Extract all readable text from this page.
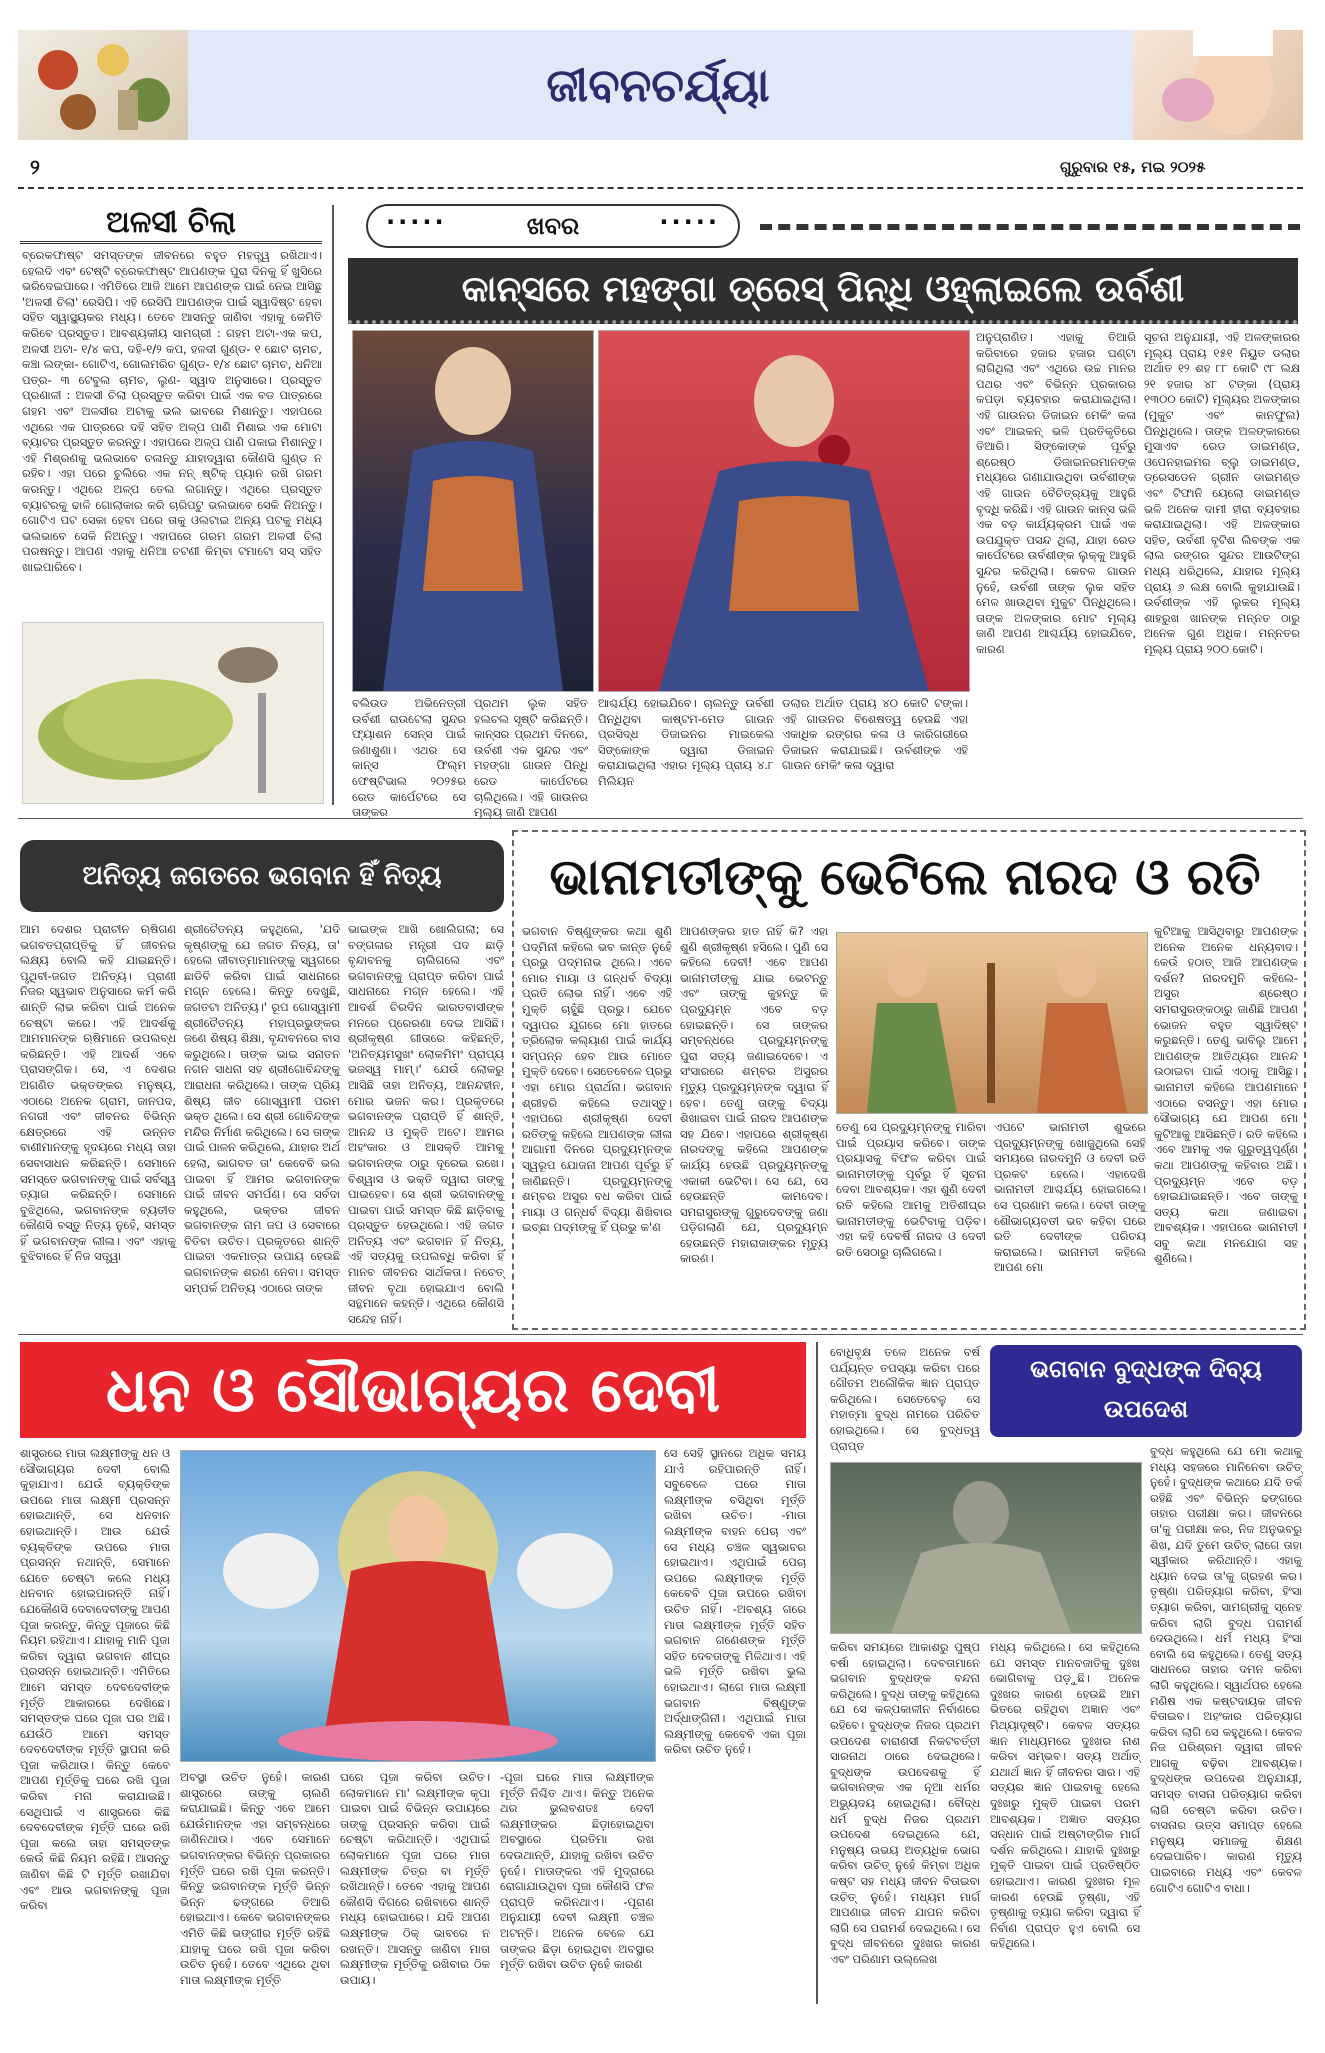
ଜୀବନଚର୍ଯ୍ୟା
୨	ଗୁରୁବାର ୧୫, ମଇ ୨୦୨୫
ଅଳସୀ ଚିଲା
ବ୍ରେକଫାଷ୍ଟ ସମସ୍ତଙ୍କ ଜୀବନରେ ବହୁତ ମହତ୍ତ୍ୱ ରଖିଥାଏ। ହେଲଦି ଏବଂ ଟେଷ୍ଟି ବ୍ରେକଫାଷ୍ଟ ଆପଣଙ୍କ ପୁରା ଦିନକୁ ହିଁ ଖୁସିରେ ଭରିଦେଇପାରେ। ଏମିତିରେ ଆଜି ଆମେ ଆପଣଙ୍କ ପାଇଁ ନେଇ ଆସିଛୁ 'ଅଳସୀ ଚିଲା' ରେସିପି। ଏହି ରେସିପି ଆପଣଙ୍କ ପାଇଁ ସ୍ୱାଦିଷ୍ଟ ହେବା ସହିତ ସ୍ୱାସ୍ଥ୍ୟକର ମଧ୍ୟ। ତେବେ ଆସନ୍ତୁ ଜାଣିବା ଏହାକୁ କେମିତି କରିବେ ପ୍ରସ୍ତୁତ। ଆବଶ୍ୟକୀୟ ସାମଗ୍ରୀ : ଗହମ ଅଟା-ଏକ କପ, ଅଳସୀ ଅଟା- ୧/୪ କପ, ଦହି-୧/୨ କପ, ହଳଦୀ ଗୁଣ୍ଡ- ୧ ଛୋଟ ଚାମଚ, କଞ୍ଚା ଲଙ୍କା- ଗୋଟିଏ, ଗୋଲମରିଚ ଗୁଣ୍ଡ- ୧/୪ ଛୋଟ ଚାମଚ, ଧନିଆ ପତ୍ର- ୩ ଟେବୁଲ ଚାମଚ, ଲୁଣ- ସ୍ୱାଦ ଅନୁସାରେ। ପ୍ରସ୍ତୁତ ପ୍ରଣାଳୀ : ଅଳସୀ ଚିଲା ପ୍ରସ୍ତୁତ କରିବା ପାଇଁ ଏକ ବଡ ପାତ୍ରରେ ଗହମ ଏବଂ ଅଳସୀର ଅଟାକୁ ଭଲ ଭାବରେ ମିଶାନ୍ତୁ। ଏହାପରେ ଏଥିରେ ଏକ ପାତ୍ରରେ ଦହି ସହିତ ଅଳ୍ପ ପାଣି ମିଶାଇ ଏକ ମୋଟା ବ୍ୟାଟର ପ୍ରସ୍ତୁତ କରନ୍ତୁ। ଏହାପରେ ଅଳ୍ପ ପାଣି ପକାଇ ମିଶାନ୍ତୁ। ଏହି ମିଶ୍ରଣକୁ ଭଲଭାବେ ଚଳାନ୍ତୁ ଯାହାଦ୍ୱାରା କୌଣସି ଗୁଣ୍ଡ ନ ରହିବ। ଏହା ପରେ ଚୁଲିରେ ଏକ ନନ୍ ଷ୍ଟିକ୍ ପ୍ୟାନ ରଖି ଗରମ କରନ୍ତୁ। ଏଥିରେ ଅଳ୍ପ ତେଲ ଲଗାନ୍ତୁ। ଏଥିରେ ପ୍ରସ୍ତୁତ ବ୍ୟାଟରକୁ ଢାଳି ଗୋଲାକାର କରି ଚାରିପଟୁ ଭଲଭାବେ ସେକି ନିଅନ୍ତୁ। ଗୋଟିଏ ପଟ ସେକା ହେବା ପରେ ତାକୁ ଓଲଟାଇ ଅନ୍ୟ ପଟକୁ ମଧ୍ୟ ଭଲଭାବେ ସେକି ନିଅନ୍ତୁ। ଏହାପରେ ଗରମ ଗରମ ଅଳସୀ ଚିଲା ପରଷନ୍ତୁ। ଆପଣ ଏହାକୁ ଧନିଆ ଚଟଣୀ କିମ୍ବା ଟମାଟୋ ସସ୍ ସହିତ ଖାଇପାରିବେ।
·····	ଖବର	·····
କାନ୍ସରେ ମହଙ୍ଗା ଡ୍ରେସ୍ ପିନ୍ଧି ଓହ୍ଲାଇଲେ ଉର୍ବଶୀ
ବଲିଉଡ ଅଭିନେତ୍ରୀ ଉର୍ବଶୀ ରାଉଟେଲା ସୁନ୍ଦର ଫ୍ୟାଶନ ସେନ୍ସ ପାଇଁ ଜଣାଶୁଣା। ଏଥର ସେ କାନ୍ସ ଫିଲ୍ମ ଫେଷ୍ଟିଭାଲ ୨୦୨୫ର ରେଡ କାର୍ପେଟରେ ସେ ତାଙ୍କର
ପ୍ରଥମ ଲୁକ ସହିତ ହଲଚଲ ସୃଷ୍ଟି କରିଛନ୍ତି। କାନ୍ସର ପ୍ରଥମ ଦିନରେ, ଉର୍ବଶୀ ଏକ ସୁନ୍ଦର ଏବଂ ମହଙ୍ଗା ଗାଉନ ପିନ୍ଧି ରେଡ କାର୍ପେଟରେ ଚାଲିଥିଲେ। ଏହି ଗାଉନର ମୂଲ୍ୟ ଜାଣି ଆପଣ
ଆଶ୍ଚର୍ଯ୍ୟ ହୋଇଯିବେ। ଚାଲନ୍ତୁ ଉର୍ବଶୀ ପିନ୍ଧିଥିବା କାଷ୍ଟମ-ମେଡ ଗାଉନ ପ୍ରସିଦ୍ଧ ଡିଜାଇନର ମାଇକେଲ ସିଙ୍କୋଙ୍କ ଦ୍ୱାରା ଡିଜାଇନ କରାଯାଇଥିଲା ଏହାର ମୂଲ୍ୟ ପ୍ରାୟ ୪.୮ ମିଲିୟନ
ଡଲାର ଅର୍ଥାତ ପ୍ରାୟ ୪୦ କୋଟି ଟଙ୍କା। ଏହି ଗାଉନର ବିଶେଷତ୍ୱ ହେଉଛି ଏହା ଏକାଧିକ ରଙ୍ଗର କଳା ଓ କାରିଗରୀରେ ଡିଜାଇନ କରାଯାଇଛି। ଉର୍ବଶୀଙ୍କ ଏହି ଗାଉନ ମେକିଂ କଳା ଦ୍ୱାରା
ଅନୁପ୍ରାଣିତ। ଏହାକୁ ତିଆରି କରିବାରେ ହଜାର ହଜାର ଘଣ୍ଟା ଲାଗିଥିଲା ଏବଂ ଏଥିରେ ଉଚ୍ଚ ମାନର ପଥର ଏବଂ ବିଭିନ୍ନ ପ୍ରକାରର କପଡ଼ା ବ୍ୟବହାର କରାଯାଇଥିଲା। ଏହି ଗାଉନର ଡିଜାଇନ ମେକିଂ କଳା ଏବଂ ଆଇକନ୍ ଭଳି ପ୍ରତିକୃତିରେ ତିଆରି। ସିଙ୍କୋଙ୍କ ପୂର୍ବରୁ ଶ୍ରେଷ୍ଠ ଡିଜାଇନରମାନଙ୍କ ମଧ୍ୟରେ ଗଣାଯାଉଥିବା ଉର୍ବଶୀଙ୍କ ଏହି ଗାଉନ ବୈଚିତ୍ର୍ୟକୁ ଆହୁରି ବୃଦ୍ଧି କରିଛି। ଏହି ଗାଉନ କାନ୍ସ ଭଳି ଏକ ବଡ଼ କାର୍ଯ୍ୟକ୍ରମ ପାଇଁ ଏକ ଉପଯୁକ୍ତ ପସନ୍ଦ ଥିଲା, ଯାହା ରେଡ କାର୍ପେଟରେ ଉର୍ବଶୀଙ୍କ ଲୁକ୍‌କୁ ଆହୁରି ସୁନ୍ଦର କରିଥିଲା। କେବଳ ଗାଉନ ନୁହେଁ, ଉର୍ବଶୀ ତାଙ୍କ ଲୁକ ସହିତ ମେଳ ଖାଉଥିବା ମୁକୁଟ ପିନ୍ଧିଥିଲେ। ତାଙ୍କ ଅଳଙ୍କାର ମୋଟ ମୂଲ୍ୟ ଜାଣି ଆପଣ ଆଶ୍ଚର୍ଯ୍ୟ ହୋଇଯିବେ, କାରଣ
ସୂଚନା ଅନୁଯାୟୀ, ଏହି ଅଳଙ୍କାରର ମୂଲ୍ୟ ପ୍ରାୟ ୧୫୧ ନିୟୁତ ଡଲାର ଅର୍ଥାତ ୧୨ ଶହ ୮୮ କୋଟି ୯୮ ଲକ୍ଷ ୨୧ ହଜାର ୪୮ ଟଙ୍କା (ପ୍ରାୟ ୧୩୦୦ କୋଟି) ମୂଲ୍ୟର ଅଳଙ୍କାର (ମୁକୁଟ ଏବଂ କାନଫୁଲ) ପିନ୍ଧିଥିଲେ। ତାଙ୍କ ଅଳଙ୍କାରରେ ମୁସାଏବ ରେଡ ଡାଇମଣ୍ଡ, ଓପେନହାଇମର ବ୍ଲୁ ଡାଇମଣ୍ଡ, ଡ୍ରେସଡେନ ଗ୍ରୀନ ଡାଇମଣ୍ଡ ଏବଂ ଟିଫାନି ୟେଲୋ ଡାଇମଣ୍ଡ ଭଳି ଅନେକ ଦାମୀ ହୀରା ବ୍ୟବହାର କରାଯାଇଥିଲା। ଏହି ଅଳଙ୍କାର ସହିତ, ଉର୍ବଶୀ ବୃଟିଶ ଲିବଙ୍କ ଏକ ଲାଲ ରଙ୍ଗର ସୁନ୍ଦର ଆଉଟିଙ୍ଗ ମଧ୍ୟ ଧରିଥିଲେ, ଯାହାର ମୂଲ୍ୟ ପ୍ରାୟ ୬ ଲକ୍ଷ ବୋଲି କୁହାଯାଉଛି। ଉର୍ବଶୀଙ୍କ ଏହି ଲୁକର ମୂଲ୍ୟ ଶାହରୁଖ ଖାନଙ୍କ ମନ୍ନତ ଠାରୁ ଅନେକ ଗୁଣ ଅଧିକ। ମନ୍ନତର ମୂଲ୍ୟ ପ୍ରାୟ ୨୦୦ କୋଟି।
ଅନିତ୍ୟ ଜଗତରେ ଭଗବାନ ହିଁ ନିତ୍ୟ
ଆମ ଦେଶର ପ୍ରାଚୀନ ଋଷିଗଣ ଭଗବତପ୍ରାପ୍ତିକୁ ହିଁ ଜୀବନର ଲକ୍ଷ୍ୟ ବୋଲି କହି ଯାଇଛନ୍ତି। ପୃଥିବୀ-ଜଗତ ଅନିତ୍ୟ। ପ୍ରାଣୀ ନିଜର ସ୍ୱଭାବ ଅନୁସାରେ କର୍ମ କରି ଶାନ୍ତି ଲାଭ କରିବା ପାଇଁ ଅନେକ ଚେଷ୍ଟା କରେ। ଏହି ଆଦର୍ଶକୁ ଆମମାନଙ୍କ ଋଷିମାନେ ଉପଲବ୍ଧ କରିଛନ୍ତି। ଏହି ଆଦର୍ଶ ଏବେ ପ୍ରାସଙ୍ଗିକ। ସେ, ଏ ଦେଶର ଅଗଣିତ ଭକ୍ତଙ୍କର ମନୁଷ୍ୟ, ଏଠାରେ ଅନେକ ଗ୍ରାମ, ଜାନପଦ, ନଗରୀ ଏବଂ ଜୀବନର ବିଭିନ୍ନ କ୍ଷେତ୍ରରେ ଏହି ଉନ୍ନତ ବାଣୀମାନଙ୍କୁ ହୃଦୟରେ ମଧ୍ୟ ତାହା ସେବାସାଧନ କରିଛନ୍ତି। ସେମାନେ ସମସ୍ତେ ଭଗବାନଙ୍କୁ ପାଇଁ ସର୍ବସ୍ୱ ତ୍ୟାଗ କରିଛନ୍ତି। ସେମାନେ ବୁଝିଥିଲେ, ଭଗବାନଙ୍କ ବ୍ୟତୀତ କୌଣସି ବସ୍ତୁ ନିତ୍ୟ ନୁହେଁ, ସମସ୍ତ ହିଁ ଭଗବାନଙ୍କ ଲୀଳା। ଏବଂ ଏହାକୁ ବୁଝିବାରେ ହିଁ ନିଜ ସତ୍ତ୍ୱା
ଶ୍ରୀଚୈତନ୍ୟ କହୁଥିଲେ, 'ଯଦି କୃଷ୍ଣଙ୍କୁ ଯେ ଜଗତ ନିତ୍ୟ, ତା' ହେଲେ ଜୀବାତ୍ମାମାନଙ୍କୁ ସ୍ୱଗରେ ଛାଡିବି କରିବା ପାଇଁ ସାଧନାରେ ମଗ୍ନ ହେଲେ। କିନ୍ତୁ ଦେଖୁଛି, ଜଗତଟା ଅନିତ୍ୟ।' ରୂପ ଗୋସ୍ୱାମୀ ଶ୍ରୀଚୈତନ୍ୟ ମହାପ୍ରଭୁଙ୍କର ଜଣେ ଶିଷ୍ୟ ଶିକ୍ଷା, ବୃନ୍ଦାବନରେ ବାସ କରୁଥିଲେ। ତାଙ୍କ ଭାଇ ସନାତନ ନଗନ ସାଧନା ସହ ଶ୍ରୀଗୋବିନ୍ଦଙ୍କୁ ଆରାଧନା କରିଥିଲେ। ତାଙ୍କ ପ୍ରିୟ ଶିଷ୍ୟ ଜୀବ ଗୋସ୍ୱାମୀ ପରମ ଭକ୍ତ ଥିଲେ। ସେ ଶ୍ରୀ ଗୋବିନ୍ଦଙ୍କ ମନ୍ଦିର ନିର୍ମାଣ କରିଥିଲେ। ସେ ତାଙ୍କ ପାଇଁ ପାଳନ କରିଥିଲେ, ଯାହାର ଅର୍ଥ ହେଲା, ଭାଗବତ ତା' କେବେବି ଭଲ ପାଇବା ହିଁ ଆମର ଭଗବାନଙ୍କ ପାଇଁ ଜୀବନ ସମର୍ପଣ। ସେ ସର୍ବଦା କହୁଥିଲେ, ଭକ୍ତର ଜୀବନ ଭଗବାନଙ୍କ ନାମ ଜପ ଓ ସେବାରେ ବିତିବା ଉଚିତ। ପ୍ରକୃତରେ ଶାନ୍ତି ପାଇବା ଏକମାତ୍ର ଉପାୟ ହେଉଛି ଭଗବାନଙ୍କ ଶରଣ ନେବା। ସମସ୍ତ ସମ୍ପର୍କ ଅନିତ୍ୟ ଏଠାରେ ତାଙ୍କ
ଭାଇଙ୍କ ଆଖି ଖୋଲିଗଲା; ସେ ବଙ୍ଗଳାର ମନ୍ତ୍ରୀ ପଦ ଛାଡ଼ି ବୃନ୍ଦାବନକୁ ଚାଲିଗଲେ ଏବଂ ଭଗବାନଙ୍କୁ ପ୍ରାପ୍ତ କରିବା ପାଇଁ ସାଧନାରେ ମଗ୍ନ ହେଲେ। ଏହି ଆଦର୍ଶ ଚିରଦିନ ଭାରତବାସୀଙ୍କ ମନରେ ପ୍ରେରଣା ଦେଇ ଆସିଛି। ଶ୍ରୀକୃଷ୍ଣ ଗୀତାରେ କହିଛନ୍ତି, 'ଅନିତ୍ୟମସୁଖଂ ଲୋକମିମଂ ପ୍ରାପ୍ୟ ଭଜସ୍ୱ ମାମ୍।' ଯେଉଁ ଲୋକରୁ ଆସିଛି ତାହା ଅନିତ୍ୟ, ଆନନ୍ଦହୀନ, ମୋର ଭଜନ କର। ପ୍ରକୃତରେ ଭଗବାନଙ୍କ ପ୍ରାପ୍ତି ହିଁ ଶାନ୍ତି, ଆନନ୍ଦ ଓ ମୁକ୍ତି ଅଟେ। ଆମର ଅହଂକାର ଓ ଆସକ୍ତି ଆମକୁ ଭଗବାନଙ୍କ ଠାରୁ ଦୂରେଇ ରଖେ। ବିଶ୍ୱାସ ଓ ଭକ୍ତି ଦ୍ୱାରା ତାଙ୍କୁ ପାଇହେବ। ସେ ଶ୍ରୀ ଭଗବାନଙ୍କୁ ପାଇବା ପାଇଁ ସମସ୍ତ କିଛି ଛାଡ଼ିବାକୁ ପ୍ରସ୍ତୁତ ହେଉଥିଲେ। ଏହି ଜଗତ ଅନିତ୍ୟ ଏବଂ ଭଗବାନ ହିଁ ନିତ୍ୟ, ଏହି ସତ୍ୟକୁ ଉପଲବ୍ଧି କରିବା ହିଁ ମାନବ ଜୀବନର ସାର୍ଥକତା। ନଚେତ୍ ଜୀବନ ବୃଥା ହୋଇଯାଏ ବୋଲି ସନ୍ଥମାନେ କହନ୍ତି। ଏଥିରେ କୌଣସି ସନ୍ଦେହ ନାହିଁ।
ଭାନାମତୀଙ୍କୁ ଭେଟିଲେ ନାରଦ ଓ ରତି
ଭଗବାନ ବିଷ୍ଣୁଙ୍କର କଥା ଶୁଣି ପଦ୍ମିନୀ କହିଲେ ଭବ କାନ୍ତ ନୁହେଁ ପ୍ରଭୁ ପଦ୍ମନାଭ ଥିଲେ। ଏବେ ମୋର ମାୟା ଓ ଗନ୍ଧର୍ବ ବିଦ୍ୟା ପ୍ରତି ଲୋଭ ନାହିଁ। ଏବେ ଏହି ମୁକ୍ତି ଚାହୁଁଛି ପ୍ରଭୁ। ଯେବେ ଦ୍ୱାପର ଯୁଗରେ ମୋ ହାତରେ ତ୍ରିଲୋକ କଲ୍ୟାଣ ପାଇଁ କାର୍ଯ୍ୟ ସମ୍ପନ୍ନ ହେବ ଆଉ ମୋତେ ମୁକ୍ତି ଦେବେ। ସେତେବେଳେ ପ୍ରଭୁ ଏହା ମୋର ପ୍ରାର୍ଥନା। ଭଗବାନ ଶ୍ରୀହରି କହିଲେ ତଥାସ୍ତୁ। ଏହାପରେ ଶ୍ରୀକୃଷ୍ଣ ଦେବୀ ରତିଙ୍କୁ କହିଲେ ଆପଣଙ୍କ ଲୀଳା ଆଗାମୀ ଦିନରେ ପ୍ରଦ୍ୟୁମ୍ନଙ୍କ ସ୍ୱରୂପ ଯୋଜନା ଆପଣ ପୂର୍ବରୁ ହିଁ ଜାଣିଛନ୍ତି। ପ୍ରଦ୍ୟୁମ୍ନଙ୍କୁ ଶମ୍ବର ଅସୁର ବଧ କରିବା ପାଇଁ ମାୟା ଓ ଗନ୍ଧର୍ବ ବିଦ୍ୟା ଶିଖିବାର ଇଚ୍ଛା ପଦ୍ମଙ୍କୁ ହିଁ ପ୍ରଭୁ କ'ଣ
ଆପଣଙ୍କର ହାତ ନାହିଁ କି? ଏହା ଶୁଣି ଶ୍ରୀକୃଷ୍ଣ ହସିଲେ। ପୁଣି ସେ କହିଲେ ଦେବୀ! ଏବେ ଆପଣ ଭାନାମତୀଙ୍କୁ ଯାଇ ଭେଟନ୍ତୁ ଏବଂ ତାଙ୍କୁ କୁହନ୍ତୁ କି ପ୍ରଦ୍ୟୁମ୍ନ ଏବେ ବଡ଼ ହୋଇଛନ୍ତି। ସେ ତାଙ୍କର ସମ୍ବନ୍ଧରେ ପ୍ରଦ୍ୟୁମ୍ନଙ୍କୁ ପୁରା ସତ୍ୟ ଜଣାଇଦେବେ। ଏ ସଂସାରରେ ଶମ୍ବର ଅସୁରର ମୃତ୍ୟୁ ପ୍ରଦ୍ୟୁମ୍ନଙ୍କ ଦ୍ୱାରା ହିଁ ହେବ। ତେଣୁ ତାଙ୍କୁ ବିଦ୍ୟା ଶିଖାଇବା ପାଇଁ ନାରଦ ଆପଣଙ୍କ ସହ ଯିବେ। ଏହାପରେ ଶ୍ରୀକୃଷ୍ଣ ନାରଦଙ୍କୁ କହିଲେ ଆପଣଙ୍କ କାର୍ଯ୍ୟ ହେଉଛି ପ୍ରଦ୍ୟୁମ୍ନଙ୍କୁ ଏକାକୀ ଭେଟିବା। ସେ ଯେ, ସେ ହେଉଛନ୍ତି କାମଦେବ। ସମରାସୁରଙ୍କୁ ଗୁରୁଦେବଙ୍କୁ ଜଣା ପଡ଼ିଗଲାଣି ଯେ, ପ୍ରଦ୍ୟୁମ୍ନ ହେଉଛନ୍ତି ମହାରାଜାଙ୍କର ମୃତ୍ୟୁ କାରଣ।
ତେଣୁ ସେ ପ୍ରଦ୍ୟୁମ୍ନଙ୍କୁ ମାରିବା ପାଇଁ ପ୍ରୟାସ କରିବେ। ତାଙ୍କ ପ୍ରୟାସକୁ ବିଫଳ କରିବା ପାଇଁ ଭାନାମତୀଙ୍କୁ ପୂର୍ବରୁ ହିଁ ସୂଚନା ଦେବା ଆବଶ୍ୟକ। ଏହା ଶୁଣି ଦେବୀ ରତି କହିଲେ ଆମକୁ ଅତିଶୀଘ୍ର ଭାନାମତୀଙ୍କୁ ଭେଟିବାକୁ ପଡ଼ିବ। ଏହା କହି ଦେବର୍ଷି ନାରଦ ଓ ଦେବୀ ରତି ସେଠାରୁ ଚାଲିଗଲେ।
ଏପଟେ ଭାନାମତୀ ଶୁଭରେ ପ୍ରଦ୍ୟୁମ୍ନଙ୍କୁ ଖୋଜୁଥିଲେ ସେହି ସମୟରେ ନାରଦମୁନି ଓ ଦେବୀ ରତି ପ୍ରକଟ ହେଲେ। ଏହାଦେଖି ଭାନାମତୀ ଆଶ୍ଚର୍ଯ୍ୟ ହୋଇଗଲେ। ସେ ପ୍ରଣାମ କଲେ। ଦେବୀ ତାଙ୍କୁ ଶୌଭାଗ୍ୟବତୀ ଭବ କହିବା ପରେ ରତି ଦେବୀଙ୍କ ପରିଚୟ କରାଇଲେ। ଭାନାମତୀ କହିଲେ ଆପଣ ମୋ
କୁଟିଆକୁ ଆସିଥିବାରୁ ଆପଣଙ୍କ ଅନେକ ଅନେକ ଧନ୍ୟବାଦ। କେଉଁ ହଠାତ୍ ଆଜି ଆପଣଙ୍କ ଦର୍ଶନ? ନାରଦମୁନି କହିଲେ- ଅସୁର ଶ୍ରେଷ୍ଠ ସମରାସୁରଙ୍କଠାରୁ ଜାଣିଛି ଆପଣ ଭୋଜନ ବହୁତ ସ୍ୱାଦିଷ୍ଟ କରୁଛନ୍ତି। ତେଣୁ ଭାବିଲୁ ଆମେ ଆପଣଙ୍କ ଆତିଥ୍ୟର ଆନନ୍ଦ ଉଠାଇବା ପାଇଁ ଏଠାକୁ ଆସିଛୁ। ଭାନାମତୀ କହିଲେ ଆପଣମାନେ ଏଠାରେ ବସନ୍ତୁ। ଏହା ମୋର ସୌଭାଗ୍ୟ ଯେ ଆପଣ ମୋ କୁଟିଆକୁ ଆସିଛନ୍ତି। ରତି କହିଲେ ଏବେ ଆମକୁ ଏକ ଗୁରୁତ୍ୱପୂର୍ଣ୍ଣ କଥା ଆପଣଙ୍କୁ କହିବାର ଅଛି। ପ୍ରଦ୍ୟୁମ୍ନ ଏବେ ବଡ଼ ହୋଇଯାଇଛନ୍ତି। ଏବେ ତାଙ୍କୁ ସତ୍ୟ କଥା ଜଣାଇବା ଆବଶ୍ୟକ। ଏହାପରେ ଭାନାମତୀ ସବୁ କଥା ମନଯୋଗ ସହ ଶୁଣିଲେ।
ଧନ ଓ ସୌଭାଗ୍ୟର ଦେବୀ
ଶାସ୍ତ୍ରରେ ମାତା ଲକ୍ଷ୍ମୀଙ୍କୁ ଧନ ଓ ସୌଭାଗ୍ୟର ଦେବୀ ବୋଲି କୁହାଯାଏ। ଯେଉଁ ବ୍ୟକ୍ତିଙ୍କ ଉପରେ ମାତା ଲକ୍ଷ୍ମୀ ପ୍ରସନ୍ନ ହୋଇଥାନ୍ତି, ସେ ଧନବାନ ହୋଇଥାନ୍ତି। ଆଉ ଯେଉଁ ବ୍ୟକ୍ତିଙ୍କ ଉପରେ ମାତା ପ୍ରସନ୍ନ ନଥାନ୍ତି, ସେମାନେ ଯେତେ ଚେଷ୍ଟା କଲେ ମଧ୍ୟ ଧନବାନ ହୋଇପାରନ୍ତି ନାହିଁ। ଯେକୌଣସି ଦେବାଦେବୀଙ୍କୁ ଆପଣ ପୂଜା କରନ୍ତୁ, କିନ୍ତୁ ପୂଜାରେ କିଛି ନିୟମ ରହିଥାଏ। ଯାହାକୁ ମାନି ପୂଜା କରିବା ଦ୍ୱାରା ଭଗବାନ ଶୀଘ୍ର ପ୍ରସନ୍ନ ହୋଇଥାନ୍ତି। ଏମିତିରେ ଆମେ ସମସ୍ତ ଦେବଦେବୀଙ୍କ ମୂର୍ତ୍ତି ଆକାରରେ ଦେଖିଛେ। ସମସ୍ତଙ୍କ ଘରେ ପୂଜା ଘର ଅଛି। ଯେଉଁଠି ଆମେ ସମସ୍ତ ଦେବଦେବୀଙ୍କ ମୂର୍ତ୍ତି ସ୍ଥାପନା କରି ପୂଜା କରିଥାଉ। କିନ୍ତୁ କେବେ ଆପଣ ମୂର୍ତ୍ତିକୁ ଘରେ ରଖି ପୂଜା କରିବା ମନା କରାଯାଇଛି। ସେଥିପାଇଁ ଏ ଶାସ୍ତ୍ରରେ କିଛି ଦେବଦେବୀଙ୍କ ମୂର୍ତ୍ତି ଘରେ ରଖି ପୂଜା କଲେ ତାହା ସମସ୍ତଙ୍କ କେଉଁ କିଛି ନିୟମ ରହିଛି। ଆସନ୍ତୁ ଜାଣିବା କିଛି ଟି ମୂର୍ତ୍ତି ରଖାଯିବା ଏବଂ ଆଉ ଭଗବାନଙ୍କୁ ପୂଜା କରିବା
ସେ ସେହି ସ୍ଥାନରେ ଅଧିକ ସମୟ ଯାଏଁ ରହିପାରନ୍ତି ନାହିଁ। ସବୁବେଳେ ଘରେ ମାତା ଲକ୍ଷ୍ମୀଙ୍କ ବସିଥିବା ମୂର୍ତ୍ତି ରଖିବା ଉଚିତ। -ମାତା ଲକ୍ଷ୍ମୀଙ୍କ ବାହନ ପେଚା ଏବଂ ସେ ମଧ୍ୟ ଚଞ୍ଚଳ ସ୍ୱଭାବର ହୋଇଥାଏ। ଏଥିପାଇଁ ପେଚା ଉପରେ ଲକ୍ଷ୍ମୀଙ୍କ ମୂର୍ତ୍ତି କେବେବି ପୂଜା ଉପରେ ରଖିବା ଉଚିତ ନାହିଁ। -ଅବଶ୍ୟ ଗରେ ମାତା ଲକ୍ଷ୍ମୀଙ୍କ ମୂର୍ତ୍ତି ସହିତ ଭଗବାନ ଗଣେଶଙ୍କ ମୂର୍ତ୍ତି ସହିତ ଦେବତାଙ୍କୁ ମିଳିଥାଏ। ଏହି ଭଳି ମୂର୍ତ୍ତି ରଖିବା ଭୁଲ ହୋଇଥାଏ। ଲାଗେ ମାତା ଲକ୍ଷ୍ମୀ ଭଗବାନ ବିଷ୍ଣୁଙ୍କ ଅର୍ଦ୍ଧାଙ୍ଗିନୀ। ଏଥିପାଇଁ ମାତା ଲକ୍ଷ୍ମୀଙ୍କୁ କେବେବି ଏକା ପୂଜା କରିବା ଉଚିତ ନୁହେଁ।
ଅବସ୍ଥା ଉଚିତ ନୁହେଁ। କାରଣ ଶାସ୍ତ୍ରରେ ତାଙ୍କୁ ଚାଲଣି କରାଯାଇଛି। କିନ୍ତୁ ଏବେ ଆମେ ଯେଉଁମାନଙ୍କ ଏହା ସମ୍ବନ୍ଧରେ ଜାଣିନଥାଉ। ଏବେ ସେମାନେ ଭଗବାନଙ୍କର ବିଭିନ୍ନ ପ୍ରକାରର ମୂର୍ତ୍ତି ଘରେ ରଖି ପୂଜା କରନ୍ତି। କିନ୍ତୁ ଭଗବାନଙ୍କ ମୂର୍ତ୍ତି ଭିନ୍ନ ଭିନ୍ନ ଢଙ୍ଗରେ ତିଆରି ହୋଇଥାଏ। କେବେ ଭଗବାନଙ୍କର ଏମିତି କିଛି ଭଙ୍ଗୀର ମୂର୍ତ୍ତି ରହିଛି ଯାହାକୁ ଘରେ ରଖି ପୂଜା କରିବା ଉଚିତ ନୁହେଁ। ତେବେ ଏଥିରେ ଥିବା ମାତା ଲକ୍ଷ୍ମୀଙ୍କ ମୂର୍ତ୍ତି
ଘରେ ପୂଜା କରିବା ଉଚିତ। ଲୋକମାନେ ମା' ଲକ୍ଷ୍ମୀଙ୍କ କୃପା ପାଇବା ପାଇଁ ବିଭିନ୍ନ ଉପାୟରେ ତାଙ୍କୁ ପ୍ରସନ୍ନ କରିବା ପାଇଁ ଚେଷ୍ଟା କରିଥାନ୍ତି। ଏଥିପାଇଁ ଲୋକମାନେ ପୂଜା ଘରେ ମାତା ଲକ୍ଷ୍ମୀଙ୍କ ଚିତ୍ର ବା ମୂର୍ତ୍ତି ରଖିଥାନ୍ତି। ତେବେ ଏହାକୁ ଆପଣ କୌଣସି ଦିଗରେ ରଖିବାରେ ଶାନ୍ତି ମଧ୍ୟ ହୋଇପାରେ। ଯଦି ଆପଣ ଲକ୍ଷ୍ମୀଙ୍କ ଠିକ୍ ଭାବରେ ନ ରଖନ୍ତି। ଆସନ୍ତୁ ଜାଣିବା ମାତା ଲକ୍ଷ୍ମୀଙ୍କ ମୂର୍ତ୍ତିକୁ ରଖିବାର ଠିକ ଉପାୟ।
-ପୂଜା ଘରେ ମାତା ଲକ୍ଷ୍ମୀଙ୍କ ମୂର୍ତ୍ତି ନିଶ୍ଚିତ ଥାଏ। କିନ୍ତୁ ଅନେକ ଥର ଭୁଲବଶତଃ ଦେବୀ ଲକ୍ଷ୍ମୀଙ୍କର ଛିଡ଼ାହୋଇଥିବା ଅବସ୍ଥାରେ ପ୍ରତିମା ରଖ ଦେଉଥାନ୍ତି, ଯାହାକୁ ରଖିବା ଉଚିତ ନୁହେଁ। ମାତାଙ୍କର ଏହି ମୁଦ୍ରାରେ ରୋଗାଯାଉଥିବା ପୂଜା କୌଣସି ଫଳ ପ୍ରାପ୍ତି କରିନଥାଏ। -ପୂରାଣ ଅନୁଯାୟୀ ଦେବୀ ଲକ୍ଷ୍ମୀ ଚଞ୍ଚଳ ଅଟନ୍ତି। ଅନେକ ବେଳେ ଯେ ତାଙ୍କର ଛିଡ଼ା ହୋଇଥିବା ଅବସ୍ଥାର ମୂର୍ତ୍ତି ରଖିବା ଉଚିତ ନୁହେଁ କାରଣ
ବୋଧିବୃକ୍ଷ ତଳେ ଅନେକ ବର୍ଷ ପର୍ଯ୍ୟନ୍ତ ତପସ୍ୟା କରିବା ପରେ ଗୌତମ ଅଲୌକିକ ଜ୍ଞାନ ପ୍ରାପ୍ତ କରିଥିଲେ। ସେତେବେଳୁ ସେ ମହାତ୍ମା ବୁଦ୍ଧ ନାମରେ ପରିଚିତ ହୋଇଥିଲେ। ସେ ବୁଦ୍ଧତ୍ୱ ପ୍ରାପ୍ତ
ଭଗବାନ ବୁଦ୍ଧଙ୍କ ଦିବ୍ୟ ଉପଦେଶ
କରିବା ସମୟରେ ଆକାଶରୁ ପୁଷ୍ପ ବର୍ଷା ହୋଇଥିଲା। ଦେବତାମାନେ ଭଗବାନ ବୁଦ୍ଧଙ୍କ ବନ୍ଦନା କରିଥିଲେ। ବୁଦ୍ଧ ତାଙ୍କୁ କହିଥିଲେ ଯେ ସେ କଳ୍ପକାଳୀନ ନିର୍ବାଣରେ ରହିବେ। ବୁଦ୍ଧଙ୍କ ନିଜର ପ୍ରଥମ ଉପଦେଶ ବାରାଣସୀ ନିକଟବର୍ତ୍ତୀ ସାରନାଥ ଠାରେ ଦେଇଥିଲେ। ବୁଦ୍ଧଙ୍କ ଉପଦେଶକୁ ହିଁ ଭଗବାନଙ୍କ ଏକ ନୂଆ ଧର୍ମର ଅଭ୍ୟୁଦୟ ହୋଇଥିଲା। ବୌଦ୍ଧ ଧର୍ମ ବୁଦ୍ଧ ନିଜର ପ୍ରଥମ ଉପଦେଶ ଦେଇଥିଲେ ଯେ, ମନୁଷ୍ୟ ଉଭୟ ଅତ୍ୟଧିକ ଭୋଗ କରିବା ଉଚିତ୍ ନୁହେଁ କିମ୍ବା ଅଧିକ କଷ୍ଟ ସହ ମଧ୍ୟ ଜୀବନ ବିତାଇବା ଉଚିତ୍ ନୁହେଁ। ମଧ୍ୟମ ମାର୍ଗ ଆପଣାଇ ଜୀବନ ଯାପନ କରିବା ଲାଗି ସେ ପରାମର୍ଶ ଦେଇଥିଲେ। ସେ ବୁଦ୍ଧ ଜୀବନରେ ଦୁଃଖର କାରଣ ଏବଂ ପରିଣାମ ଉଲ୍ଲେଖ
ମଧ୍ୟ କରିଥିଲେ। ସେ କହିଥିଲେ ଯେ ସମସ୍ତ ମାନବଜାତିକୁ ଦୁଃଖ ଭୋଗିବାକୁ ପଡ଼ୁଛି। ଅନେକ ଦୁଃଖର କାରଣ ହେଉଛି ଆମ ଭିତରେ ରହିଥିବା ଅଜ୍ଞାନ ଏବଂ ମିଥ୍ୟାଦୃଷ୍ଟି। କେବଳ ସତ୍ୟର ଜ୍ଞାନ ମାଧ୍ୟମରେ ଦୁଃଖର ନାଶ କରିବା ସମ୍ଭବ। ସତ୍ୟ ଅର୍ଥାତ୍ ଯଥାର୍ଥ ଜ୍ଞାନ ହିଁ ଜୀବନର ସାର। ଏହି ସତ୍ୟର ଜ୍ଞାନ ପାଇବାକୁ ହେଲେ ଦୁଃଖରୁ ମୁକ୍ତି ପାଇବା ପରମ ଆବଶ୍ୟକ। ଅଜ୍ଞାତ ସତ୍ୟର ସନ୍ଧାନ ପାଇଁ ଅଷ୍ଟାଙ୍ଗିକ ମାର୍ଗ ଦର୍ଶନ କରିଥିଲେ। ଯାହାକି ଦୁଃଖରୁ ମୁକ୍ତି ପାଇବା ପାଇଁ ପ୍ରତିଷ୍ଠିତ ହୋଇଥାଏ। କାରଣ ଦୁଃଖର ମୂଳ କାରଣ ହେଉଛି ତୃଷ୍ଣା, ଏହି ତୃଷ୍ଣାକୁ ତ୍ୟାଗ କରିବା ଦ୍ୱାରା ହିଁ ନିର୍ବାଣ ପ୍ରାପ୍ତ ହୁଏ ବୋଲି ସେ କହିଥିଲେ।
ବୁଦ୍ଧ କହୁଥିଲେ ଯେ ମୋ କଥାକୁ ମଧ୍ୟ ସହଜରେ ମାନିନେବା ଉଚିତ୍ ନୁହେଁ। ବୁଦ୍ଧଙ୍କ କଥାରେ ଯଦି ତର୍କ ରହିଛି ଏବଂ ବିଭିନ୍ନ ଢଙ୍ଗରେ ତାହାର ପରୀକ୍ଷା କର। ଜୀବନରେ ତା'କୁ ପରୀକ୍ଷା କର, ନିଜ ଅନୁଭବରୁ ଶିଖ, ଯଦି ତୁମେ ଉଚିତ୍ ଲାଗେ ତାହା ସ୍ୱୀକାର କରିଥାନ୍ତି। ଏହାକୁ ଧ୍ୟାନ ଦେଇ ତା'କୁ ଗ୍ରହଣ କର। ତୃଷ୍ଣା ପରିତ୍ୟାଗ କରିବା, ହିଂସା ତ୍ୟାଗ କରିବା, ସାମଗ୍ରୀକୁ ସ୍ନେହ କରିବା ଲାଗି ବୁଦ୍ଧ ପରାମର୍ଶ ଦେଉଥିଲେ। ଧର୍ମ ମଧ୍ୟ ହିଂସା ବୋଲି ସେ କହୁଥିଲେ। ତେଣୁ ସତ୍ୟ ସାଧନରେ ତାହାର ଦମନ କରିବା ଲାଗି କହୁଥିଲେ। ସ୍ୱାର୍ଥପର ହେଲେ ମଣିଷ ଏକ କଷ୍ଟଦାୟକ ଜୀବନ ବିତାଇବ। ଅହଂକାର ପରିତ୍ୟାଗ କରିବା ଲାଗି ସେ କହୁଥିଲେ। କେବଳ ନିଜ ପରିଶ୍ରମ ଦ୍ୱାରା ଜୀବନ ଆଗକୁ ବଢ଼ିବା ଆବଶ୍ୟକ। ବୁଦ୍ଧଙ୍କ ଉପଦେଶ ଅନୁଯାୟୀ, ସମସ୍ତ ବାସନା ପରିତ୍ୟାଗ କରିବା ଲାଗି ଚେଷ୍ଟା କରିବା ଉଚିତ। ବାସନାର ଉତ୍ସ ସମାପ୍ତ ହେଲେ ମନୁଷ୍ୟ ସମାଜକୁ ଶିକ୍ଷଣ ଦେଇପାରିବ। କାରଣ ମୃତ୍ୟୁ ପାଇବାରେ ମଧ୍ୟ ଏବଂ କେବଳ ଗୋଟିଏ ଗୋଟିଏ ବାଧା।
